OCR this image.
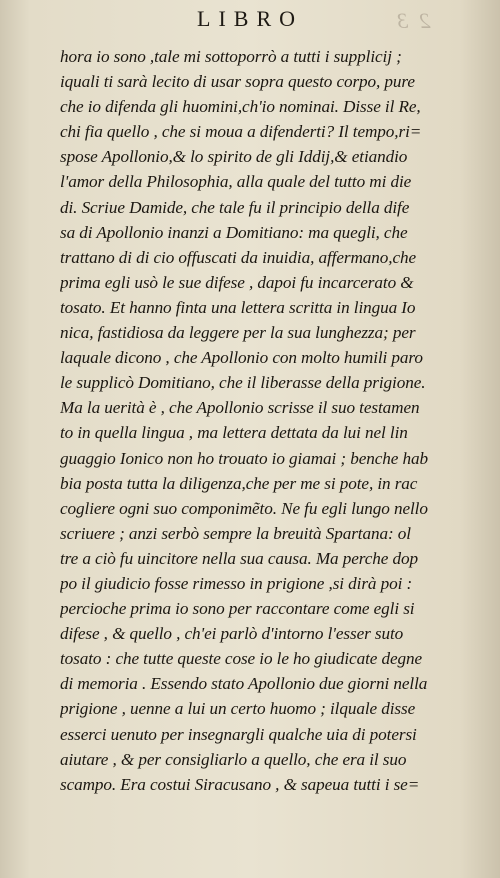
2 3
LIBRO
hora io sono ,tale mi sottoporrò a tutti i supplicij ;
iquali ti sarà lecito di usar sopra questo corpo, pure
che io difenda gli huomini,ch'io nominai. Disse il Re,
chi fia quello , che si moua a difenderti? Il tempo,ri=
spose Apollonio,& lo spirito de gli Iddij,& etiandio
l'amor della Philosophia, alla quale del tutto mi die
di. Scriue Damide, che tale fu il principio della dife
sa di Apollonio inanzi a Domitiano: ma quegli, che
trattano di di cio offuscati da inuidia, affermano,che
prima egli usò le sue difese , dapoi fu incarcerato &
tosato. Et hanno finta una lettera scritta in lingua Io
nica, fastidiosa da leggere per la sua lunghezza; per
laquale dicono , che Apollonio con molto humili paro
le supplicò Domitiano, che il liberasse della prigione.
Ma la uerità è , che Apollonio scrisse il suo testamen
to in quella lingua , ma lettera dettata da lui nel lin
guaggio Ionico non ho trouato io giamai ; benche hab
bia posta tutta la diligenza,che per me si pote, in rac
cogliere ogni suo componimẽto. Ne fu egli lungo nello
scriuere ; anzi serbò sempre la breuità Spartana: ol
tre a ciò fu uincitore nella sua causa. Ma perche dop
po il giudicio fosse rimesso in prigione ,si dirà poi :
percioche prima io sono per raccontare come egli si
difese , & quello , ch'ei parlò d'intorno l'esser suto
tosato : che tutte queste cose io le ho giudicate degne
di memoria . Essendo stato Apollonio due giorni nella
prigione , uenne a lui un certo huomo ; ilquale disse
esserci uenuto per insegnargli qualche uia di potersi
aiutare , & per consigliarlo a quello, che era il suo
scampo. Era costui Siracusano , & sapeua tutti i se=
